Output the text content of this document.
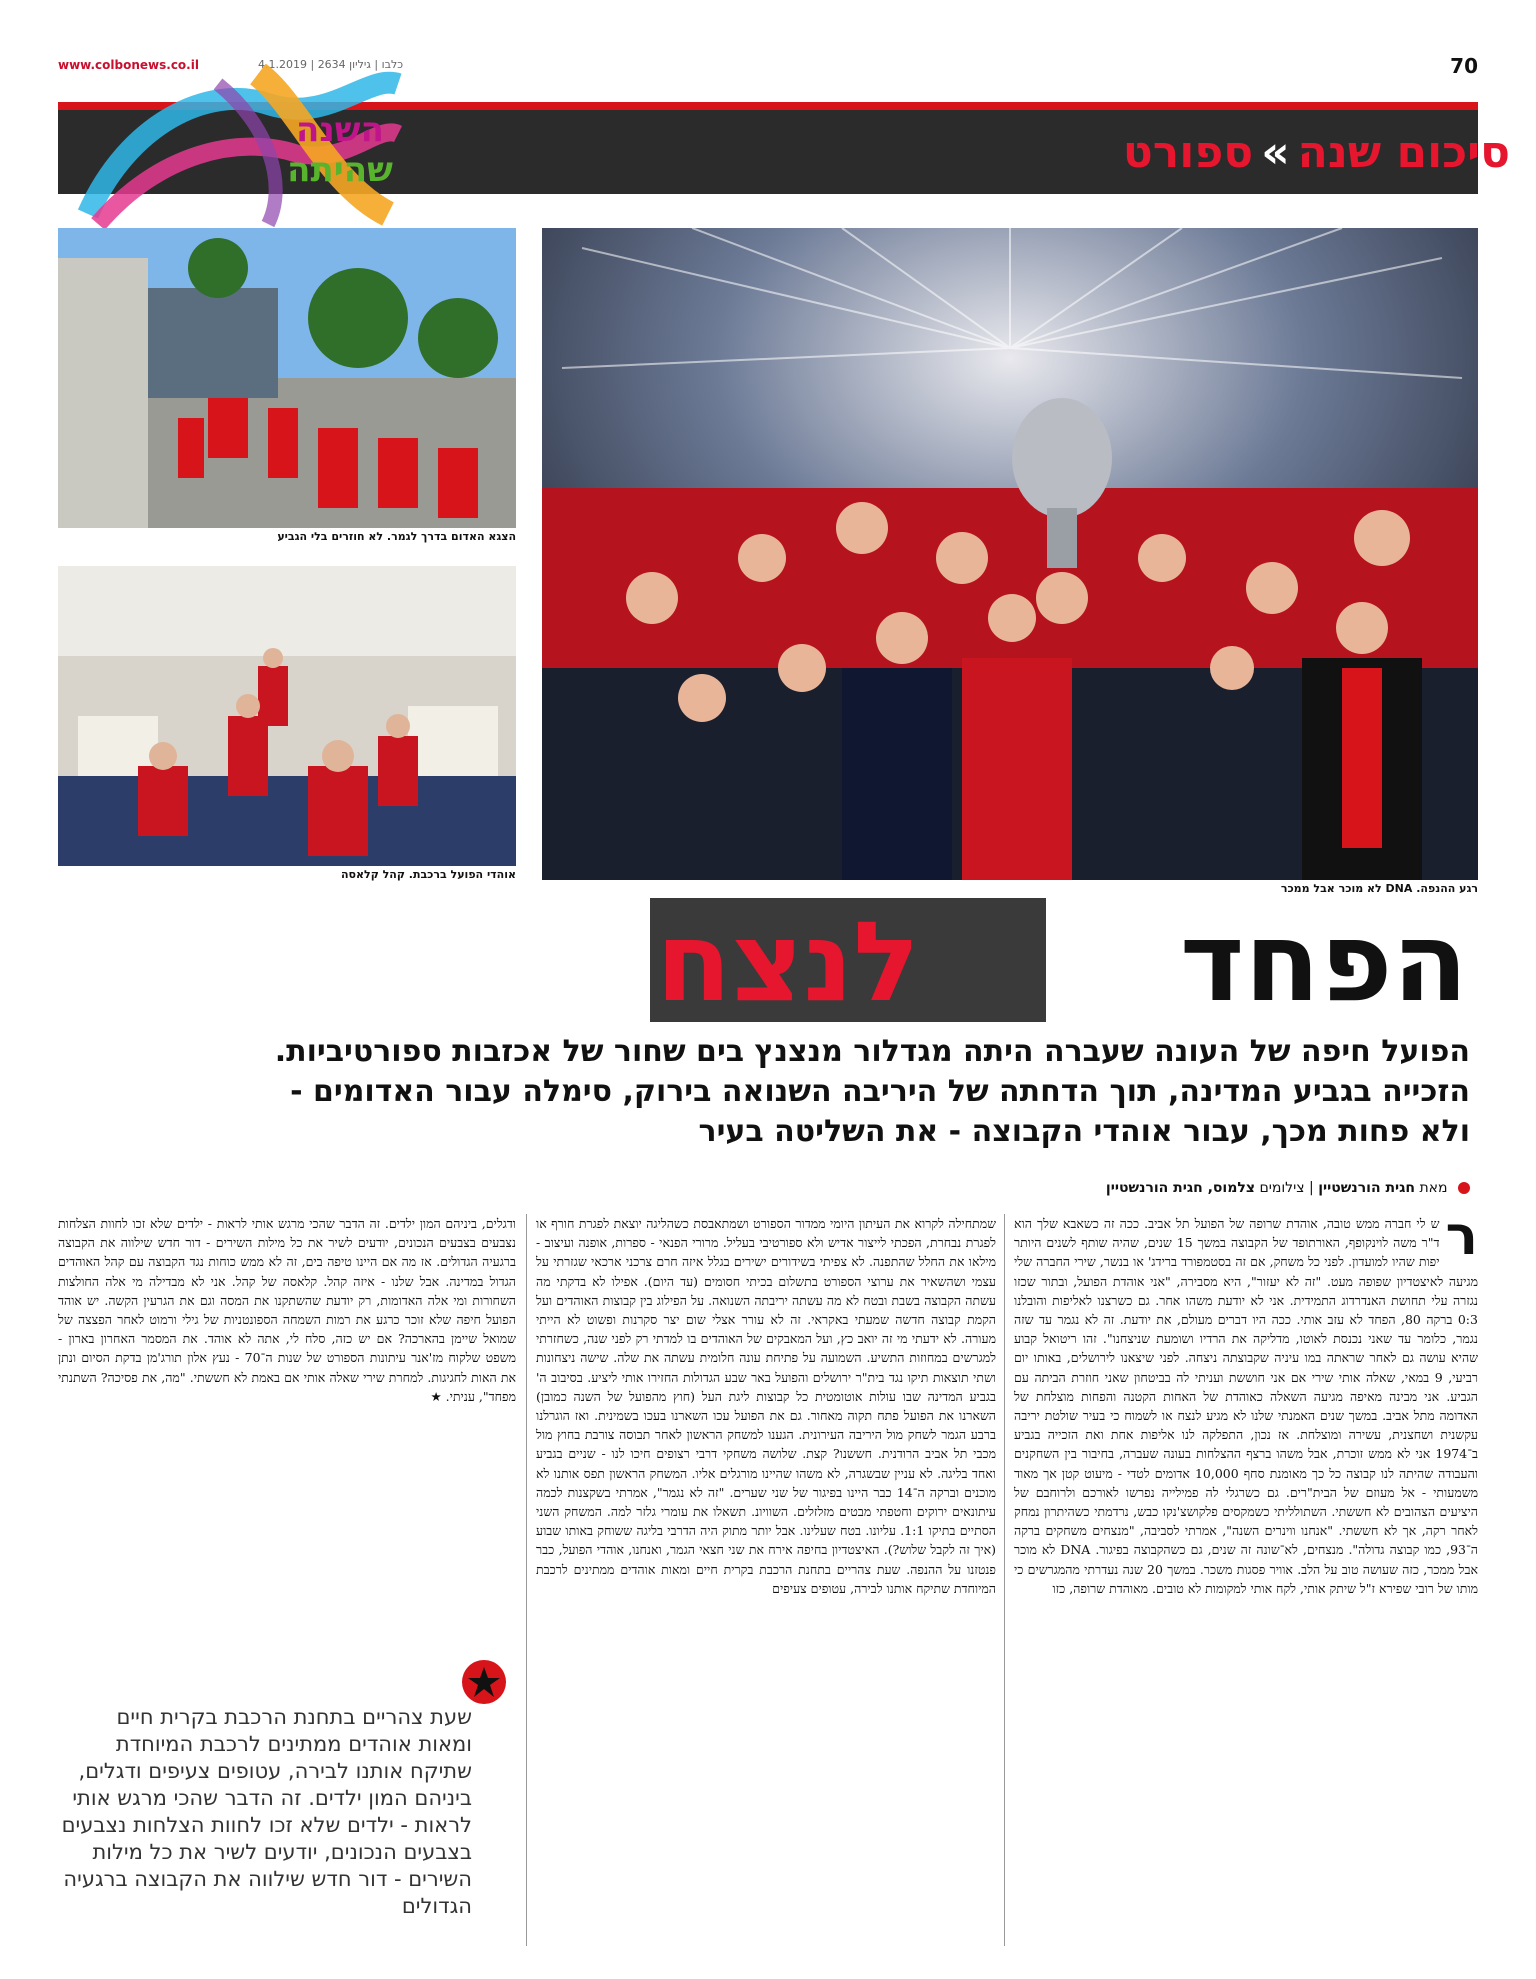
www.colbonews.co.il	כלבו | גיליון 2634 | 4.1.2019	70
סיכום שנה»ספורט
השנה
שהיתה
רגע ההנפה. DNA לא מוכר אבל ממכר
הצגא האדום בדרך לגמר. לא חוזרים בלי הגביע
אוהדי הפועל ברכבת. קהל קלאסה
הפחד
לנצח
הפועל חיפה של העונה שעברה היתה מגדלור מנצנץ בים שחור של אכזבות ספורטיביות. הזכייה בגביע המדינה, תוך הדחתה של היריבה השנואה בירוק, סימלה עבור האדומים - ולא פחות מכך, עבור אוהדי הקבוצה - את השליטה בעיר
מאת חגית הורנשטיין | צילומים צלמוס, חגית הורנשטיין
ר
ש לי חברה ממש טובה, אוהדת שרופה של הפועל תל אביב. ככה זה כשאבא שלך הוא ד"ר משה לוינקופף, האורתופד של הקבוצה במשך 15 שנים, שהיה שותף לשנים היותר יפות שהיו למועדון. לפני כל משחק, אם זה בסטמפורד ברידג' או בנשר, שירי החברה שלי מגיעה לאיצטדיון שפופה מעט. "זה לא יעזור", היא מסבירה, "אני אוהדת הפועל, ובתור שכזו נגזרה עלי תחושת האנדרדוג התמידית. אני לא יודעת משהו אחר. גם כשרצנו לאליפות והובלנו 0:3 ברקה 80, הפחד לא עזב אותי. ככה היו דברים מעולם, את יודעת. זה לא נגמר עד שזה נגמר, כלומר עד שאני נכנסת לאוטו, מדליקה את הרדיו ושומעת שניצחנו". זהו ריטואל קבוע שהיא עושה גם לאחר שראתה במו עיניה שקבוצתה ניצחה. לפני שיצאנו לירושלים, באותו יום רביעי, 9 במאי, שאלה אותי שירי אם אני חוששת ועניתי לה בביטחון שאני חוזרת הביתה עם הגביע. אני מבינה מאיפה מגיעה השאלה כאוהדת של האחות הקטנה והפחות מוצלחת של האדומה מתל אביב. במשך שנים האמנתי שלנו לא מגיע לנצח או לשמוח כי בעיר שולטת יריבה עקשנית ושחצנית, עשירה ומוצלחת. אז נכון, התפלקה לנו אליפות אחת ואת הזכייה בגביע ב־1974 אני לא ממש זוכרת, אבל משהו ברצף ההצלחות בעונה שעברה, בחיבור בין השחקנים והעבודה שהיתה לנו קבוצה כל כך מאומנת סחף 10,000 אדומים לטדי - מיעוט קטן אך מאוד משמעותי - אל מעוזם של הבית"רים. גם כשרגלי לה פמילייה נפרשו לאורכם ולרוחבם של היציעים הצהובים לא חששתי. השתולליתי כשמקסים פלקושצ'נקו כבש, נרדמתי כשהיתרון נמחק לאחר רקה, אך לא חששתי. "אנחנו ווינרים השנה", אמרתי לסביבה, "מנצחים משחקים ברקה ה־93, כמו קבוצה גדולה". מנצחים, לא־שונה זה שנים, גם כשהקבוצה בפיגור. DNA לא מוכר אבל ממכר, כזה שעושה טוב על הלב. אוויר פסגות משכר. במשך 20 שנה נעדרתי מהמגרשים כי מותו של רובי שפירא ז"ל שיתק אותי, לקח אותי למקומות לא טובים. מאוהדת שרופה, כזו
שמתחילה לקרוא את העיתון היומי ממדור הספורט ושמתאבסת כשהליגה יוצאת לפגרת חורף או לפגרת נבחרת, הפכתי לייצור אדיש ולא ספורטיבי בעליל. מרורי הפנאי - ספרות, אופנה ועיצוב - מילאו את החלל שהתפנה. לא צפיתי בשידורים ישירים בגלל איזה חרם צרכני ארכאי שגזרתי על עצמי ושהשאיר את ערוצי הספורט בתשלום בכיתי חסומים (עד היום). אפילו לא בדקתי מה עשתה הקבוצה בשבת ובטח לא מה עשתה יריבתה השנואה. על הפילוג בין קבוצות האוהדים ועל הקמת קבוצה חדשה שמעתי באקראי. זה לא עורר אצלי שום יצר סקרנות ופשוט לא הייתי מעורה. לא ידעתי מי זה יואב כץ, ועל המאבקים של האוהדים בו למדתי רק לפני שנה, כשחזרתי למגרשים במחוזות התשיע. השמועה על פתיחת עונה חלומית עשתה את שלה. שישה ניצחונות ושתי תוצאות תיקו נגד בית"ר ירושלים והפועל באר שבע הגדולות החזירו אותי ליציע. בסיבוב ה' בגביע המדינה שבו עולות אוטומטית כל קבוצות ליגת העל (חוץ מהפועל של השנה כמובן) השארנו את הפועל פתח תקוה מאחור. גם את הפועל עכו השארנו בעכו בשמינית. ואז הוגרלנו ברבע הגמר לשחק מול היריבה העירונית. הגענו למשחק הראשון לאחר תבוסה צורבת בחוץ מול מכבי תל אביב הרודנית. חששנו? קצת. שלושה משחקי דרבי רצופים חיכו לנו - שניים בגביע ואחד בליגה. לא עניין שבשגרה, לא משהו שהיינו מורגלים אליו. המשחק הראשון תפס אותנו לא מוכנים וברקה ה־14 כבר היינו בפיגור של שני שערים. "זה לא נגמר", אמרתי בשקצנות לכמה עיתונאים ירוקים וחטפתי מבטים מזלזלים. השוויונ. תשאלו את עומרי גלזר למה. המשחק השני הסתיים בתיקו 1:1. עליונו. בטח שעלינו. אבל יותר מתוק היה הדרבי בליגה ששוחק באותו שבוע (איך זה לקבל שלוש?). האיצטדיון בחיפה אירח את שני חצאי הגמר, ואנחנו, אוהדי הפועל, כבר פנטזנו על ההנפה. שעת צהריים בתחנת הרכבת בקרית חיים ומאות אוהדים ממתינים לרכבת המיוחדת שתיקח אותנו לבירה, עטופים צעיפים
ודגלים, ביניהם המון ילדים. זה הדבר שהכי מרגש אותי לראות - ילדים שלא זכו לחוות הצלחות נצבעים בצבעים הנכונים, יודעים לשיר את כל מילות השירים - דור חדש שילווה את הקבוצה ברגעיה הגדולים. אז מה אם היינו טיפה בים, זה לא ממש כוחות נגד הקבוצה עם קהל האוהדים הגדול במדינה. אבל שלנו - איזה קהל. קלאסה של קהל. אני לא מבדילה מי אלה החולצות השחורות ומי אלה האדומות, רק יודעת שהשתקנו את המסה וגם את הגרעין הקשה. יש אוהד הפועל חיפה שלא זוכר כרגע את רמות השמחה הספונטניות של גילי ורמוט לאחר הפצצה של שמואל שיימן בהארכה? אם יש כזה, סלח לי, אתה לא אוהד. את המסמר האחרון בארון - משפט שלקוח מז'אנר עיתונות הספורט של שנות ה־70 - נעץ אלון תורג'מן בדקת הסיום ונתן את האות לחגיגות. למחרת שירי שאלה אותי אם באמת לא חששתי. "מה, את פסיכה? השתנתי מפחד", עניתי. ★
שעת צהריים בתחנת הרכבת בקרית חיים ומאות אוהדים ממתינים לרכבת המיוחדת שתיקח אותנו לבירה, עטופים צעיפים ודגלים, ביניהם המון ילדים. זה הדבר שהכי מרגש אותי לראות - ילדים שלא זכו לחוות הצלחות נצבעים בצבעים הנכונים, יודעים לשיר את כל מילות השירים - דור חדש שילווה את הקבוצה ברגעיה הגדולים
